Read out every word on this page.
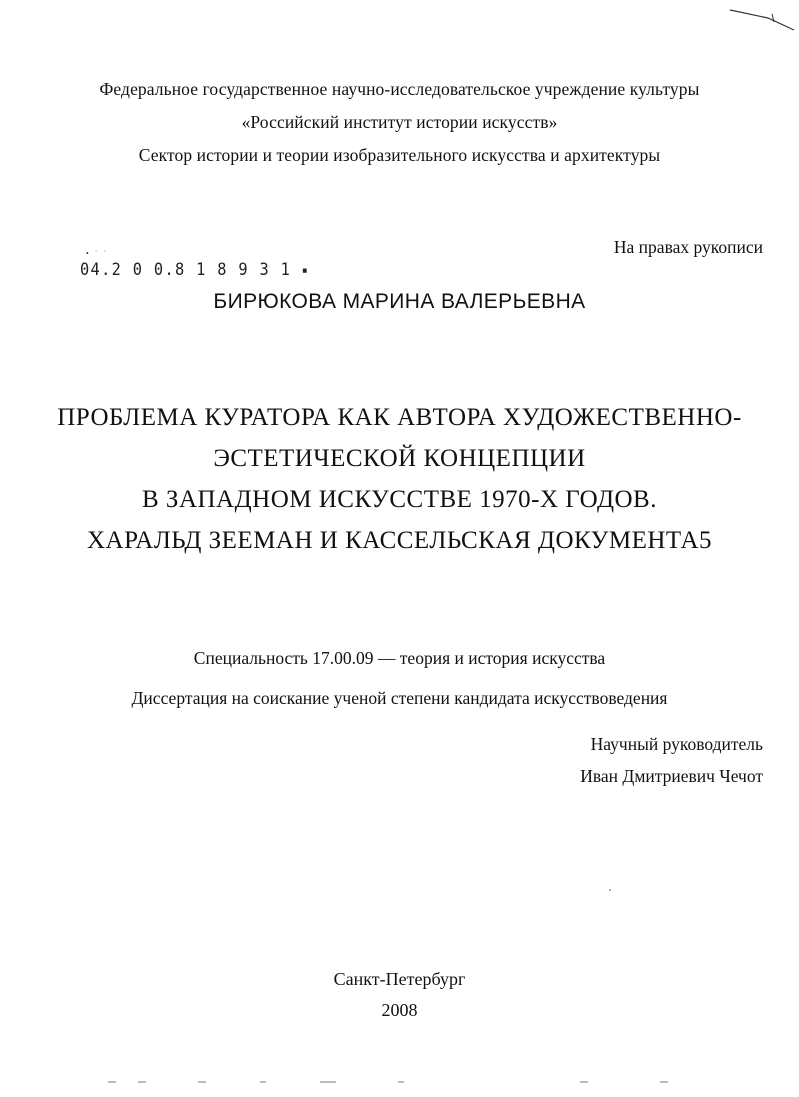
Федеральное государственное научно-исследовательское учреждение культуры
«Российский институт истории искусств»
Сектор истории и теории изобразительного искусства и архитектуры
На правах рукописи
• ˙ ˙
04.2 0 0.8 1 8 9 3 1 ▪
БИРЮКОВА МАРИНА ВАЛЕРЬЕВНА
ПРОБЛЕМА КУРАТОРА КАК АВТОРА ХУДОЖЕСТВЕННО-
ЭСТЕТИЧЕСКОЙ КОНЦЕПЦИИ
В ЗАПАДНОМ ИСКУССТВЕ 1970-Х ГОДОВ.
ХАРАЛЬД ЗЕЕМАН И КАССЕЛЬСКАЯ ДОКУМЕНТА5
Специальность 17.00.09 — теория и история искусства
Диссертация на соискание ученой степени кандидата искусствоведения
Научный руководитель
Иван Дмитриевич Чечот
Санкт-Петербург
2008
